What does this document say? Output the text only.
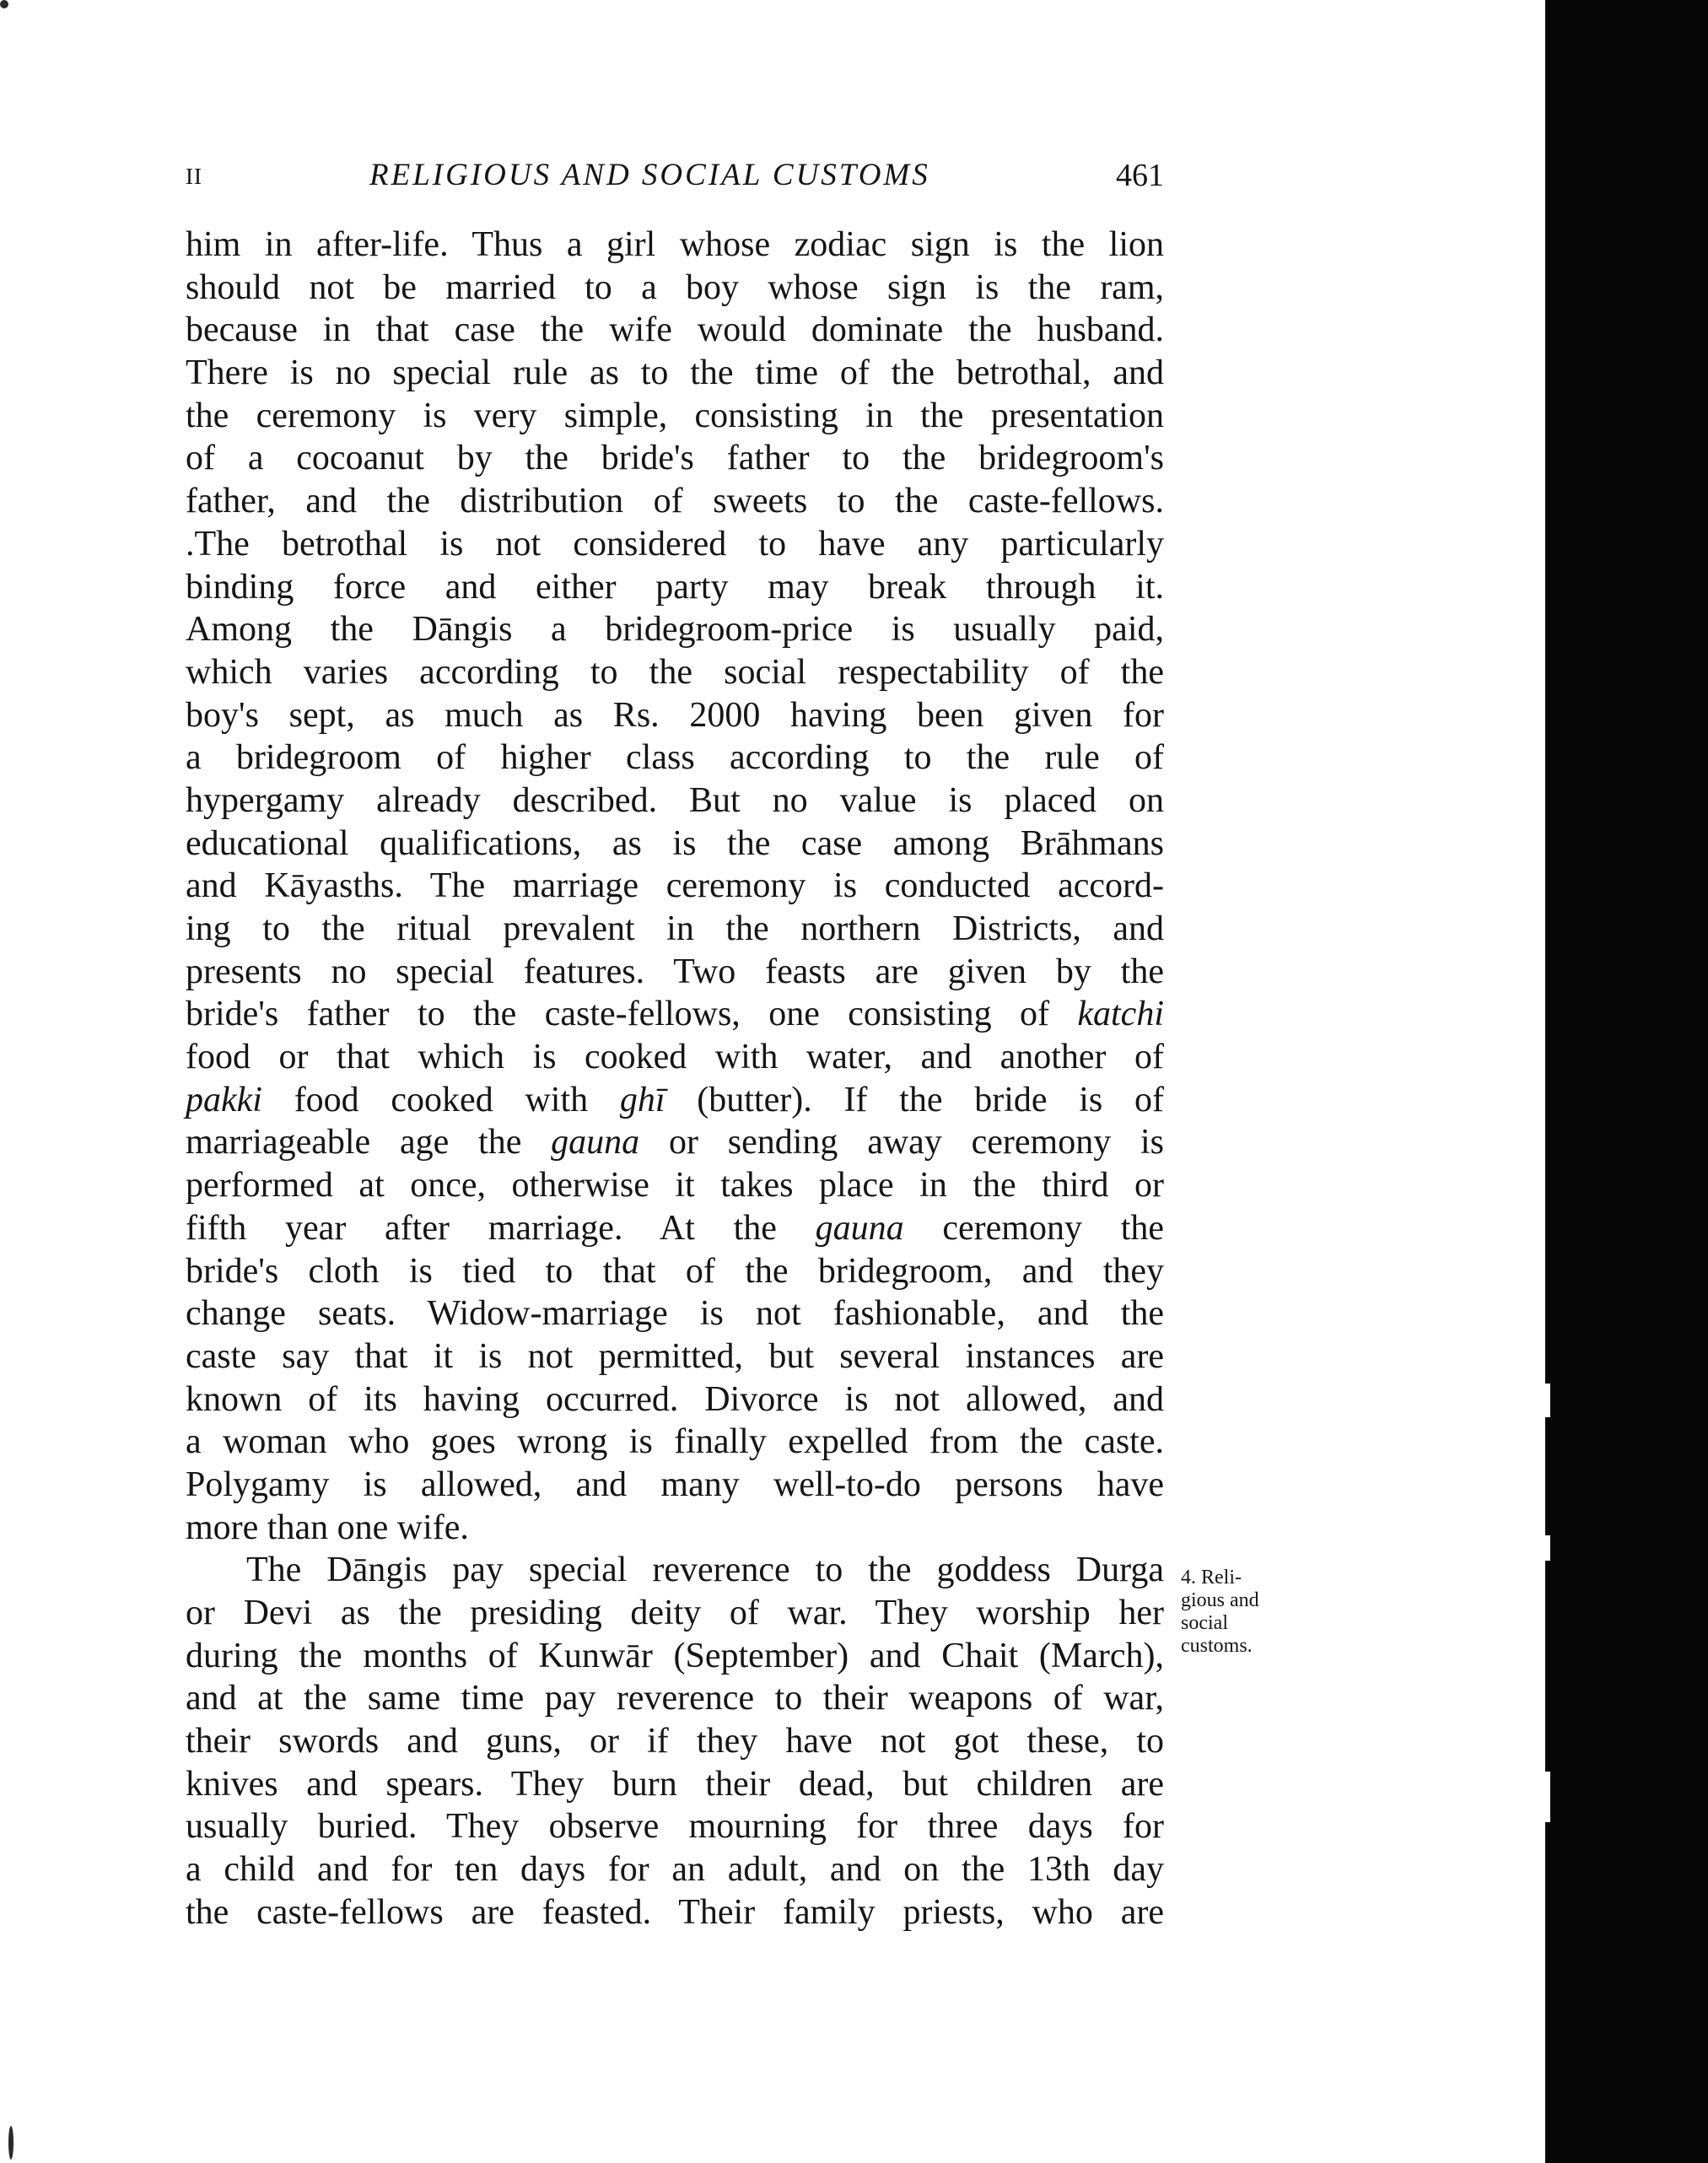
II	RELIGIOUS AND SOCIAL CUSTOMS	461
him in after-life. Thus a girl whose zodiac sign is the lion
should not be married to a boy whose sign is the ram,
because in that case the wife would dominate the husband.
There is no special rule as to the time of the betrothal, and
the ceremony is very simple, consisting in the presentation
of a cocoanut by the bride's father to the bridegroom's
father, and the distribution of sweets to the caste-fellows.
.The betrothal is not considered to have any particularly
binding force and either party may break through it.
Among the Dāngis a bridegroom-price is usually paid,
which varies according to the social respectability of the
boy's sept, as much as Rs. 2000 having been given for
a bridegroom of higher class according to the rule of
hypergamy already described. But no value is placed on
educational qualifications, as is the case among Brāhmans
and Kāyasths. The marriage ceremony is conducted accord-
ing to the ritual prevalent in the northern Districts, and
presents no special features. Two feasts are given by the
bride's father to the caste-fellows, one consisting of katchi
food or that which is cooked with water, and another of
pakki food cooked with ghī (butter). If the bride is of
marriageable age the gauna or sending away ceremony is
performed at once, otherwise it takes place in the third or
fifth year after marriage. At the gauna ceremony the
bride's cloth is tied to that of the bridegroom, and they
change seats. Widow-marriage is not fashionable, and the
caste say that it is not permitted, but several instances are
known of its having occurred. Divorce is not allowed, and
a woman who goes wrong is finally expelled from the caste.
Polygamy is allowed, and many well-to-do persons have
more than one wife.
The Dāngis pay special reverence to the goddess Durga
or Devi as the presiding deity of war. They worship her
during the months of Kunwār (September) and Chait (March),
and at the same time pay reverence to their weapons of war,
their swords and guns, or if they have not got these, to
knives and spears. They burn their dead, but children are
usually buried. They observe mourning for three days for
a child and for ten days for an adult, and on the 13th day
the caste-fellows are feasted. Their family priests, who are
4. Reli-
gious and
social
customs.
